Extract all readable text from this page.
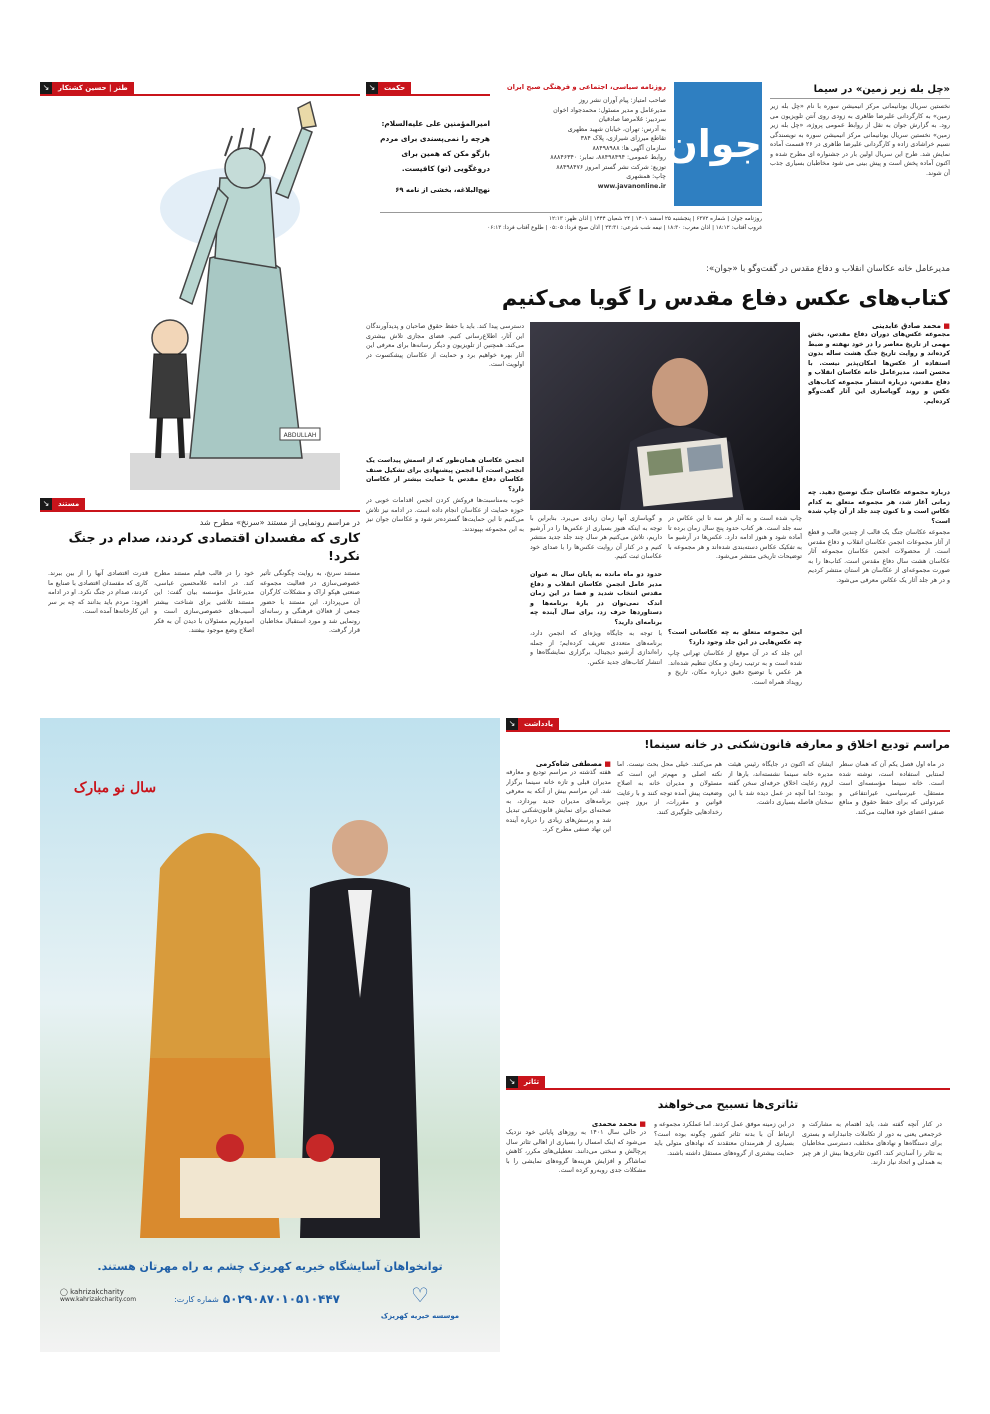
«چل بله زیر زمین» در سیما
نخستین سریال یونانیمانی مرکز انیمیشن سوره با نام «چل بله زیر زمین» به کارگردانی علیرضا طاهری به زودی روی آنتن تلویزیون می رود. به گزارش جوان به نقل از روابط عمومی پروژه، «چل بله زیر زمین» نخستین سریال یونانیمانی مرکز انیمیشن سوره به نویسندگی نسیم خراشادی زاده و کارگردانی علیرضا طاهری در ۲۶ قسمت آماده نمایش شد. طرح این سریال اولین بار در جشنواره ای مطرح شده و اکنون آماده پخش است و پیش بینی می شود مخاطبان بسیاری جذب آن شوند.
جوان
روزنامه سیاسی، اجتماعی و فرهنگی صبح ایران
صاحب امتیاز: پیام آوران نشر روز
مدیرعامل و مدیر مسئول: محمدجواد اخوان
سردبیر: غلامرضا صادقیان
به آدرس: تهران، خیابان شهید مطهری
تقاطع میرزای شیرازی، پلاک ۳۸۴
سازمان آگهی ها: ۸۸۴۹۸۹۸۸
روابط عمومی: ۸۸۴۹۸۴۹۴، نمابر: ۸۸۸۴۶۳۴۰
توزیع: شرکت نشر گستر امروز ۸۸۴۹۸۴۷۶
چاپ: همشهری
www.javanonline.ir
روزنامه جوان | شماره ۶۳۷۲ | پنجشنبه ۲۵ اسفند ۱۴۰۱ | ۲۴ شعبان ۱۴۴۴ | اذان ظهر: ۱۲:۱۳
غروب آفتاب: ۱۸:۱۲ | اذان مغرب: ۱۸:۳۰ | نیمه شب شرعی: ۲۳:۳۱ | اذان صبح فردا: ۰۵:۰۵ | طلوع آفتاب فردا: ۰۶:۱۳
↘	حکمت
امیرالمؤمنین علی علیه‌السلام: هرچه را نمی‌پسندی برای مردم بازگو مکن که همین برای دروغگویی (تو) کافیست.
نهج‌البلاغه، بخشی از نامه ۶۹
↘	طنز | حسین کشتکار
ABDULLAH
مدیرعامل خانه عکاسان انقلاب و دفاع مقدس در گفت‌وگو با «جوان»:
کتاب‌های عکس دفاع مقدس را گویا می‌کنیم
■ محمد صادق عابدینی
مجموعه عکس‌های دوران دفاع مقدس، بخش مهمی از تاریخ معاصر را در خود نهفته و ضبط کرده‌اند و روایت تاریخ جنگ هشت ساله بدون استفاده از عکس‌ها امکان‌پذیر نیست. با محسن اسد، مدیرعامل خانه عکاسان انقلاب و دفاع مقدس، درباره انتشار مجموعه کتاب‌های عکس و روند گویاسازی این آثار گفت‌وگو کرده‌ایم.
درباره مجموعه عکاسان جنگ توضیح دهید. چه زمانی آغاز شد، هر مجموعه متعلق به کدام عکاس است و تا کنون چند جلد از آن چاپ شده است؟
مجموعه عکاسان جنگ یک قالب از چندین قالب و قطع از آثار مجموعات انجمن عکاسان انقلاب و دفاع مقدس است. از محصولات انجمن عکاسان مجموعه آثار عکاسان هشت سال دفاع مقدس است. کتاب‌ها را به صورت مجموعه‌ای از عکاسان هر استان منتشر کردیم و در هر جلد آثار یک عکاس معرفی می‌شود.
چاپ شده است و به آثار هر سه تا این عکاس در سه جلد است. هر کتاب حدود پنج سال زمان برده تا آماده شود و هنوز ادامه دارد. عکس‌ها در آرشیو ما به تفکیک عکاس دسته‌بندی شده‌اند و هر مجموعه با توضیحات تاریخی منتشر می‌شود.
این مجموعه متعلق به چه عکاسانی است؟ چه عکس‌هایی در این جلد وجود دارد؟
این جلد که در آن موقع از عکاسان تهرانی چاپ شده است و به ترتیب زمان و مکان تنظیم شده‌اند. هر عکس با توضیح دقیق درباره مکان، تاریخ و رویداد همراه است.
و گویاسازی آنها زمان زیادی می‌برد. بنابراین با توجه به اینکه هنوز بسیاری از عکس‌ها را در آرشیو داریم، تلاش می‌کنیم هر سال چند جلد جدید منتشر کنیم و در کنار آن روایت عکس‌ها را با صدای خود عکاسان ثبت کنیم.
حدود دو ماه مانده به پایان سال به عنوان مدیر عامل انجمن عکاسان انقلاب و دفاع مقدس انتخاب شدید و فضا در این زمان اندک نمی‌توان در بارهٔ برنامه‌ها و دستاوردها حرف زد، برای سال آینده چه برنامه‌ای دارید؟
با توجه به جایگاه ویژه‌ای که انجمن دارد، برنامه‌های متعددی تعریف کرده‌ایم؛ از جمله راه‌اندازی آرشیو دیجیتال، برگزاری نمایشگاه‌ها و انتشار کتاب‌های جدید عکس.
دسترسی پیدا کند. باید با حفظ حقوق صاحبان و پدیدآورندگان این آثار، اطلاع‌رسانی کنیم. فضای مجازی تلاش بیشتری می‌کند. همچنین از تلویزیون و دیگر رسانه‌ها برای معرفی این آثار بهره خواهیم برد و حمایت از عکاسان پیشکسوت در اولویت است.
انجمن عکاسان همان‌طور که از اسمش پیداست یک انجمن است، آیا انجمن پیشنهادی برای تشکیل صنف عکاسان دفاع مقدس یا حمایت بیشتر از عکاسان دارد؟
خوب به‌مناسبت‌ها فروکش کردن انجمن اقدامات خوبی در حوزه حمایت از عکاسان انجام داده است. در ادامه نیز تلاش می‌کنیم تا این حمایت‌ها گسترده‌تر شود و عکاسان جوان نیز به این مجموعه بپیوندند.
↘	مستند
در مراسم رونمایی از مستند «سرنخ» مطرح شد
کاری که مفسدان اقتصادی کردند، صدام در جنگ نکرد!
مستند سرنخ، به روایت چگونگی تأثیر خصوصی‌سازی در فعالیت مجموعه صنعتی هپکو اراک و مشکلات کارگران آن می‌پردازد. این مستند با حضور جمعی از فعالان فرهنگی و رسانه‌ای رونمایی شد و مورد استقبال مخاطبان قرار گرفت.
خود را در قالب فیلم مستند مطرح کند. در ادامه غلامحسین عباسی، مدیرعامل مؤسسه بیان گفت: این مستند تلاشی برای شناخت بیشتر آسیب‌های خصوصی‌سازی است و امیدواریم مسئولان با دیدن آن به فکر اصلاح وضع موجود بیفتند.
قدرت اقتصادی آنها را از بین ببرند. کاری که مفسدان اقتصادی با صنایع ما کردند، صدام در جنگ نکرد. او در ادامه افزود: مردم باید بدانند که چه بر سر این کارخانه‌ها آمده است.
↘	یادداشت
مراسم تودیع اخلاق و معارفه قانون‌شکنی در خانه سینما!
■ مصطفی شاه‌کرمی
هفته گذشته در مراسم تودیع و معارفه مدیران قبلی و تازه خانه سینما برگزار شد. این مراسم بیش از آنکه به معرفی برنامه‌های مدیران جدید بپردازد، به صحنه‌ای برای نمایش قانون‌شکنی تبدیل شد و پرسش‌های زیادی را درباره آینده این نهاد صنفی مطرح کرد.
هم می‌کنند. خیلی محل بحث نیست. اما نکته اصلی و مهم‌تر این است که مسئولان و مدیران خانه به اصلاح وضعیت پیش آمده توجه کنند و با رعایت قوانین و مقررات، از بروز چنین رخدادهایی جلوگیری کنند.
ایشان که اکنون در جایگاه رئیس هیئت مدیره خانه سینما نشسته‌اند، بارها از لزوم رعایت اخلاق حرفه‌ای سخن گفته بودند؛ اما آنچه در عمل دیده شد با این سخنان فاصله بسیاری داشت.
در ماه اول فصل یکم آن که همان سطر لمنتابی استفاده است، نوشته شده است. خانه سینما مؤسسه‌ای است مستقل، غیرسیاسی، غیرانتفاعی و غیردولتی که برای حفظ حقوق و منافع صنفی اعضای خود فعالیت می‌کند.
سال نو مبارک
توانخواهان آسایشگاه خیریه کهریزک چشم به راه مهرتان هستند.
۵۰۲۹۰۸۷۰۱۰۵۱۰۴۴۷
شماره کارت:
◯ kahrizakcharity
www.kahrizakcharity.com	♡
موسسه خیریه کهریزک
↘	تئاتر
تئاتری‌ها تسبیح می‌خواهند
■ محمد محمدی
در حالی سال ۱۴۰۱ به روزهای پایانی خود نزدیک می‌شود که اینک امسال را بسیاری از اهالی تئاتر سال پرچالش و سختی می‌دانند. تعطیلی‌های مکرر، کاهش تماشاگر و افزایش هزینه‌ها گروه‌های نمایشی را با مشکلات جدی روبه‌رو کرده است.
در این زمینه موفق عمل کردند. اما عملکرد مجموعه و ارتباط آن با بدنه تئاتر کشور چگونه بوده است؟ بسیاری از هنرمندان معتقدند که نهادهای متولی باید حمایت بیشتری از گروه‌های مستقل داشته باشند.
در کنار آنچه گفته شد، باید اهتمام به مشارکت و خرجمعی یعنی به دور از تکاملات جانبدارانه و بستری برای دستگاه‌ها و نهادهای مختلف، دسترسی مخاطبان به تئاتر را آسان‌تر کند. اکنون تئاتری‌ها بیش از هر چیز به همدلی و اتحاد نیاز دارند.
